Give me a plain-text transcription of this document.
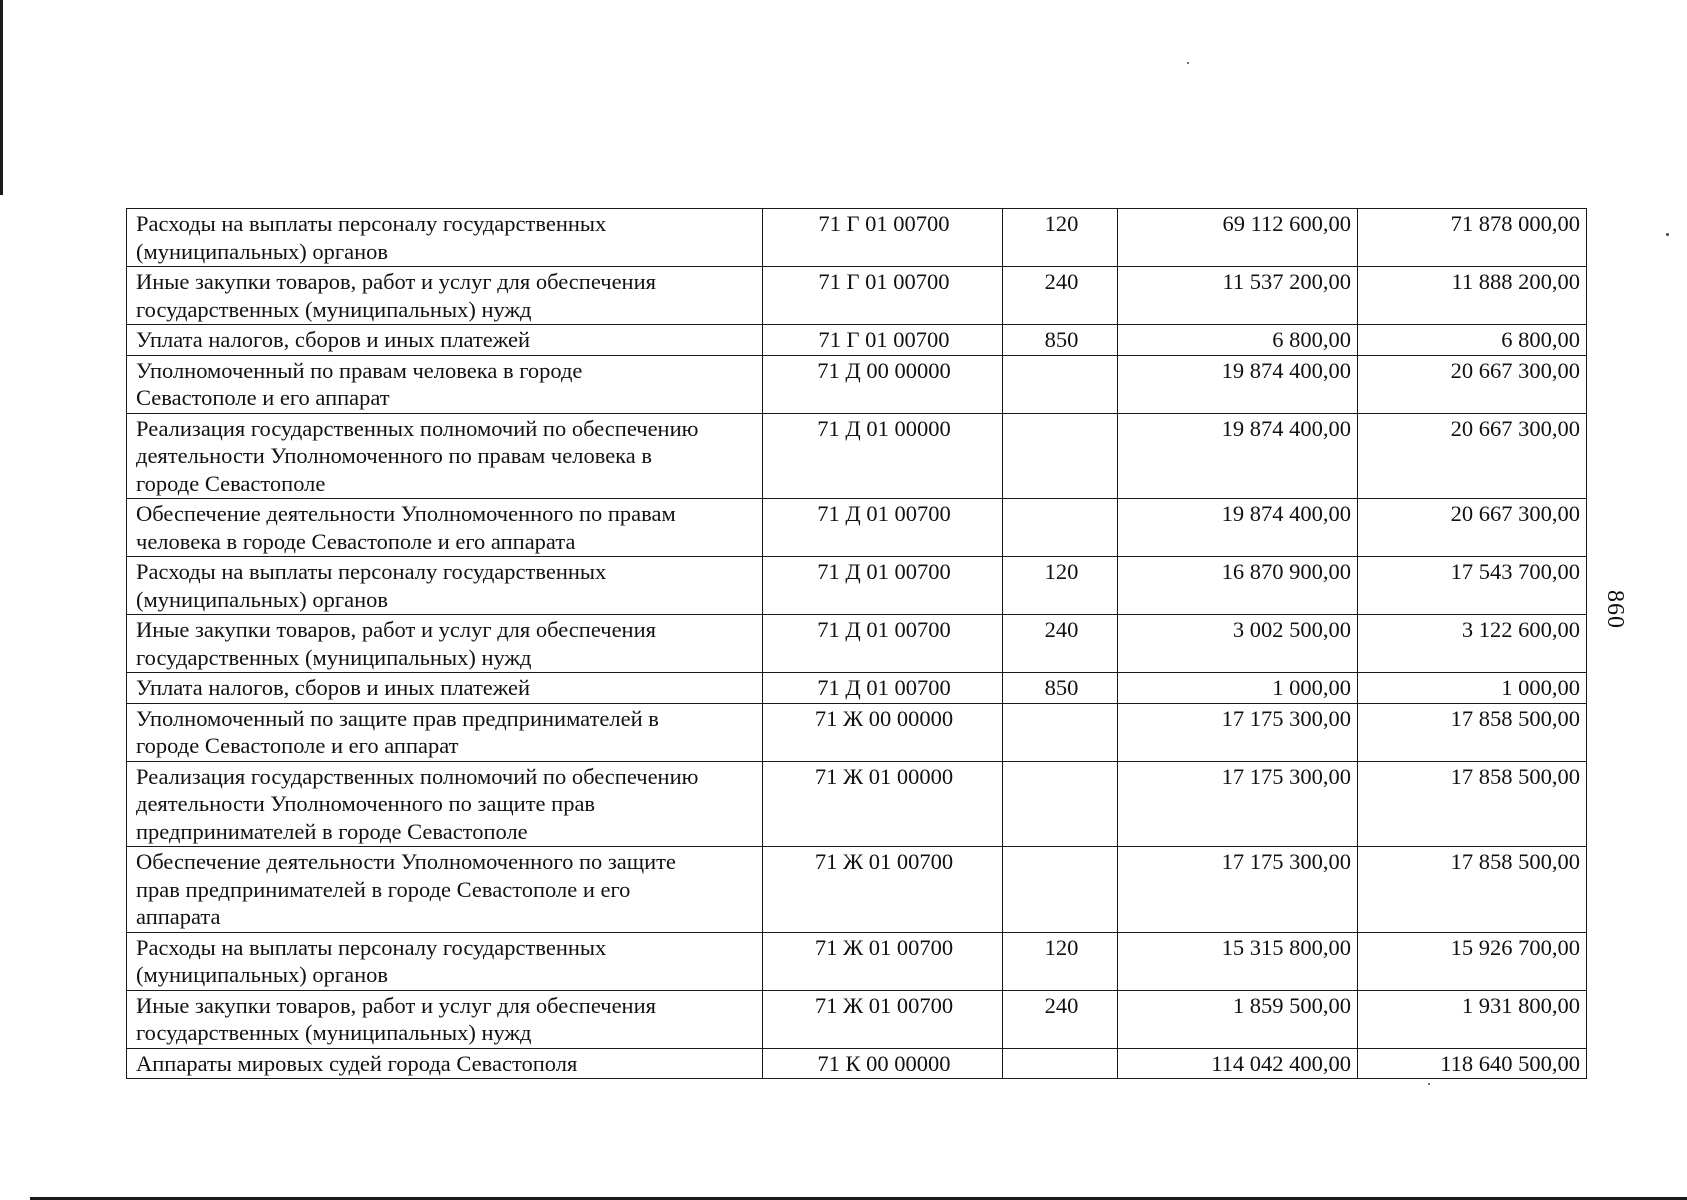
Расходы на выплаты персоналу государственных
(муниципальных) органов	71 Г 01 00700	120	69 112 600,00	71 878 000,00
Иные закупки товаров, работ и услуг для обеспечения
государственных (муниципальных) нужд	71 Г 01 00700	240	11 537 200,00	11 888 200,00
Уплата налогов, сборов и иных платежей	71 Г 01 00700	850	6 800,00	6 800,00
Уполномоченный по правам человека в городе
Севастополе и его аппарат	71 Д 00 00000		19 874 400,00	20 667 300,00
Реализация государственных полномочий по обеспечению
деятельности Уполномоченного по правам человека в
городе Севастополе	71 Д 01 00000		19 874 400,00	20 667 300,00
Обеспечение деятельности Уполномоченного по правам
человека в городе Севастополе и его аппарата	71 Д 01 00700		19 874 400,00	20 667 300,00
Расходы на выплаты персоналу государственных
(муниципальных) органов	71 Д 01 00700	120	16 870 900,00	17 543 700,00
Иные закупки товаров, работ и услуг для обеспечения
государственных (муниципальных) нужд	71 Д 01 00700	240	3 002 500,00	3 122 600,00
Уплата налогов, сборов и иных платежей	71 Д 01 00700	850	1 000,00	1 000,00
Уполномоченный по защите прав предпринимателей в
городе Севастополе и его аппарат	71 Ж 00 00000		17 175 300,00	17 858 500,00
Реализация государственных полномочий по обеспечению
деятельности Уполномоченного по защите прав
предпринимателей в городе Севастополе	71 Ж 01 00000		17 175 300,00	17 858 500,00
Обеспечение деятельности Уполномоченного по защите
прав предпринимателей в городе Севастополе и его
аппарата	71 Ж 01 00700		17 175 300,00	17 858 500,00
Расходы на выплаты персоналу государственных
(муниципальных) органов	71 Ж 01 00700	120	15 315 800,00	15 926 700,00
Иные закупки товаров, работ и услуг для обеспечения
государственных (муниципальных) нужд	71 Ж 01 00700	240	1 859 500,00	1 931 800,00
Аппараты мировых судей города Севастополя	71 К 00 00000		114 042 400,00	118 640 500,00
860
